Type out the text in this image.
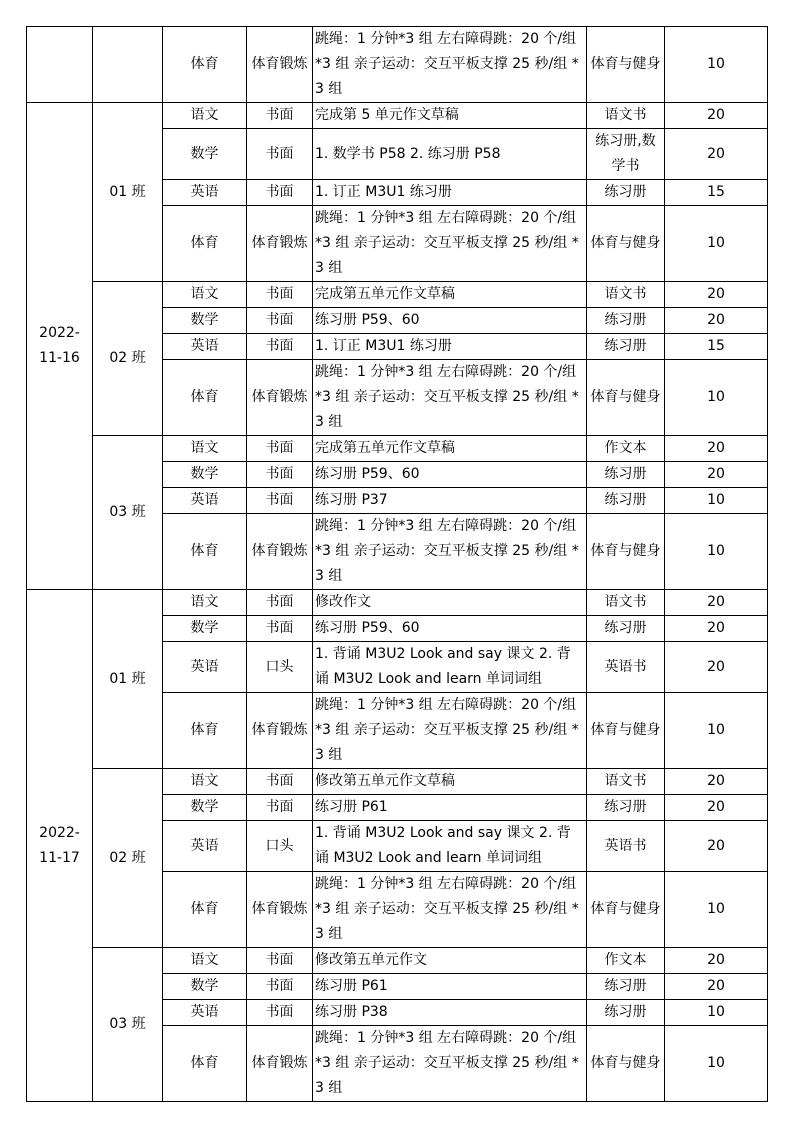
		体育	体育锻炼	跳绳：1 分钟*3 组 左右障碍跳：20 个/组 *3 组 亲子运动：交互平板支撑 25 秒/组 *3 组	体育与健身	10
2022-11-16	01 班	语文	书面	完成第 5 单元作文草稿	语文书	20
		数学	书面	1. 数学书 P58 2. 练习册 P58	练习册,数学书	20
		英语	书面	1. 订正 M3U1 练习册	练习册	15
		体育	体育锻炼	跳绳：1 分钟*3 组 左右障碍跳：20 个/组 *3 组 亲子运动：交互平板支撑 25 秒/组 *3 组	体育与健身	10
	02 班	语文	书面	完成第五单元作文草稿	语文书	20
		数学	书面	练习册 P59、60	练习册	20
		英语	书面	1. 订正 M3U1 练习册	练习册	15
		体育	体育锻炼	跳绳：1 分钟*3 组 左右障碍跳：20 个/组 *3 组 亲子运动：交互平板支撑 25 秒/组 *3 组	体育与健身	10
	03 班	语文	书面	完成第五单元作文草稿	作文本	20
		数学	书面	练习册 P59、60	练习册	20
		英语	书面	练习册 P37	练习册	10
		体育	体育锻炼	跳绳：1 分钟*3 组 左右障碍跳：20 个/组 *3 组 亲子运动：交互平板支撑 25 秒/组 *3 组	体育与健身	10
2022-11-17	01 班	语文	书面	修改作文	语文书	20
		数学	书面	练习册 P59、60	练习册	20
		英语	口头	1. 背诵 M3U2 Look and say 课文 2. 背诵 M3U2 Look and learn 单词词组	英语书	20
		体育	体育锻炼	跳绳：1 分钟*3 组 左右障碍跳：20 个/组 *3 组 亲子运动：交互平板支撑 25 秒/组 *3 组	体育与健身	10
	02 班	语文	书面	修改第五单元作文草稿	语文书	20
		数学	书面	练习册 P61	练习册	20
		英语	口头	1. 背诵 M3U2 Look and say 课文 2. 背诵 M3U2 Look and learn 单词词组	英语书	20
		体育	体育锻炼	跳绳：1 分钟*3 组 左右障碍跳：20 个/组 *3 组 亲子运动：交互平板支撑 25 秒/组 *3 组	体育与健身	10
	03 班	语文	书面	修改第五单元作文	作文本	20
		数学	书面	练习册 P61	练习册	20
		英语	书面	练习册 P38	练习册	10
		体育	体育锻炼	跳绳：1 分钟*3 组 左右障碍跳：20 个/组 *3 组 亲子运动：交互平板支撑 25 秒/组 *3 组	体育与健身	10
